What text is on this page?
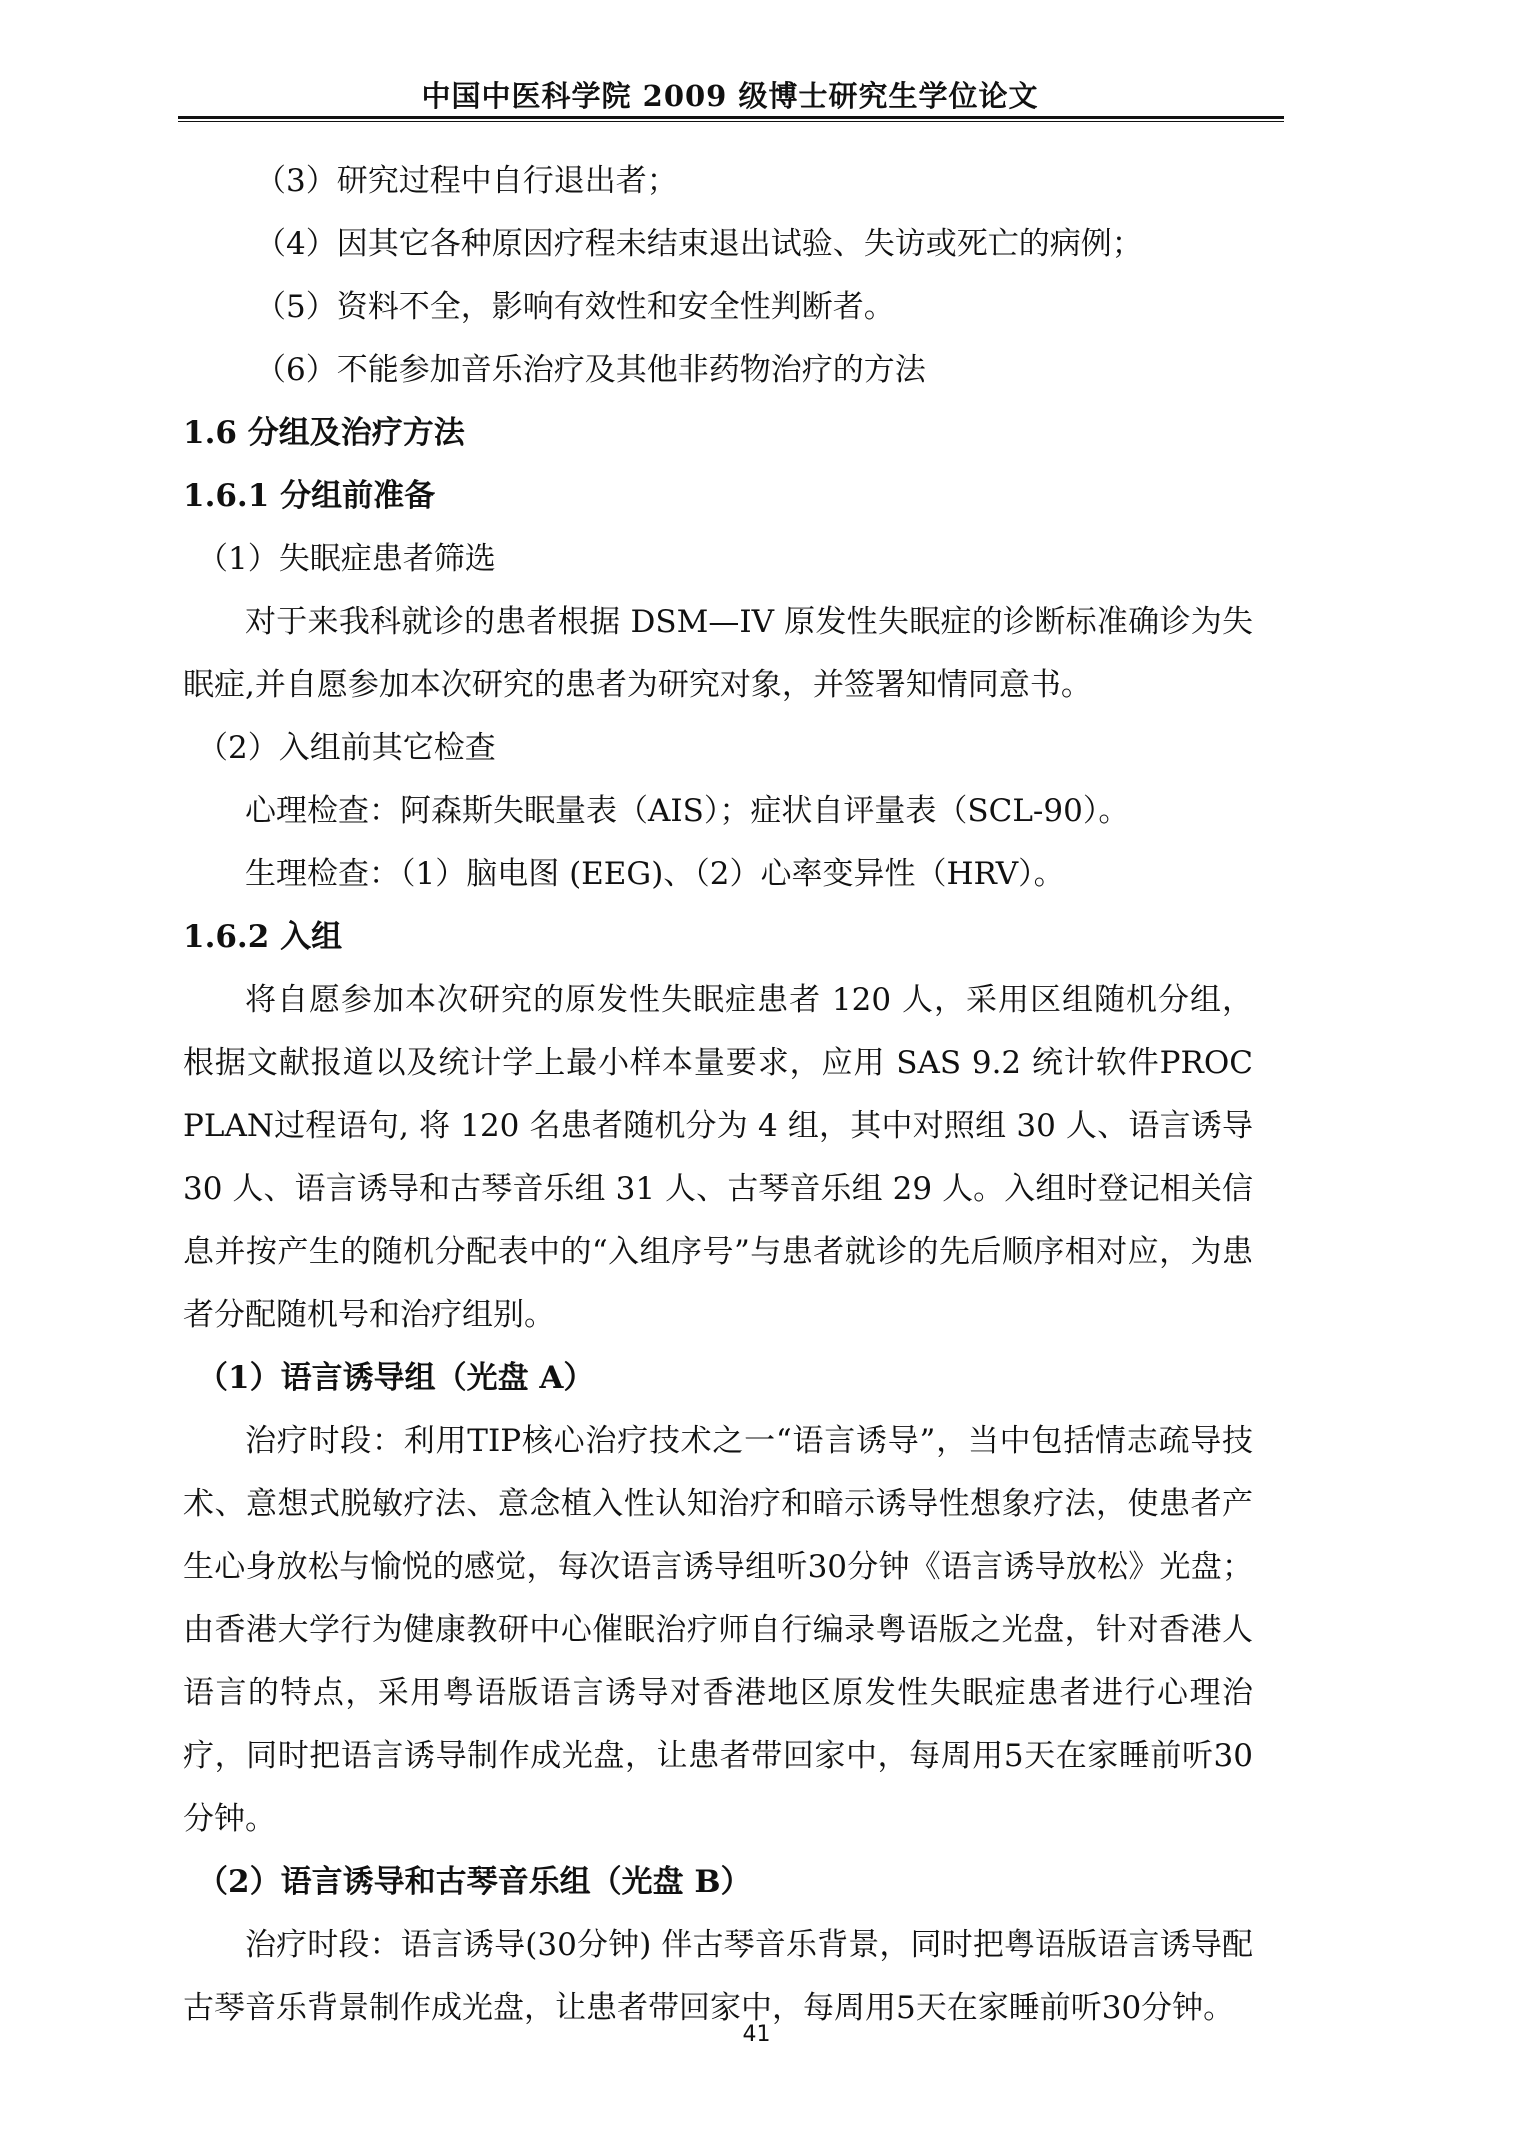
中国中医科学院 2009 级博士研究生学位论文

（3）研究过程中自行退出者；

（4）因其它各种原因疗程未结束退出试验、失访或死亡的病例；

（5）资料不全，影响有效性和安全性判断者。

（6）不能参加音乐治疗及其他非药物治疗的方法

1.6 分组及治疗方法

1.6.1 分组前准备

（1）失眠症患者筛选

对于来我科就诊的患者根据 DSM—IV 原发性失眠症的诊断标准确诊为失眠症,并自愿参加本次研究的患者为研究对象，并签署知情同意书。

（2）入组前其它检查

心理检查：阿森斯失眠量表（AIS）；症状自评量表（SCL-90）。

生理检查：（1）脑电图 (EEG)、（2）心率变异性（HRV）。

1.6.2 入组

将自愿参加本次研究的原发性失眠症患者 120 人，采用区组随机分组，根据文献报道以及统计学上最小样本量要求，应用 SAS 9.2 统计软件PROC PLAN过程语句, 将 120 名患者随机分为 4 组，其中对照组 30 人、语言诱导 30 人、语言诱导和古琴音乐组 31 人、古琴音乐组 29 人。入组时登记相关信息并按产生的随机分配表中的“入组序号”与患者就诊的先后顺序相对应，为患者分配随机号和治疗组别。

（1）语言诱导组（光盘 A）

治疗时段：利用TIP核心治疗技术之一“语言诱导”，当中包括情志疏导技术、意想式脱敏疗法、意念植入性认知治疗和暗示诱导性想象疗法，使患者产生心身放松与愉悦的感觉，每次语言诱导组听30分钟《语言诱导放松》光盘；由香港大学行为健康教研中心催眠治疗师自行编录粤语版之光盘，针对香港人语言的特点，采用粤语版语言诱导对香港地区原发性失眠症患者进行心理治疗，同时把语言诱导制作成光盘，让患者带回家中，每周用5天在家睡前听30分钟。

（2）语言诱导和古琴音乐组（光盘 B）

治疗时段：语言诱导(30分钟) 伴古琴音乐背景，同时把粤语版语言诱导配古琴音乐背景制作成光盘，让患者带回家中，每周用5天在家睡前听30分钟。

41
